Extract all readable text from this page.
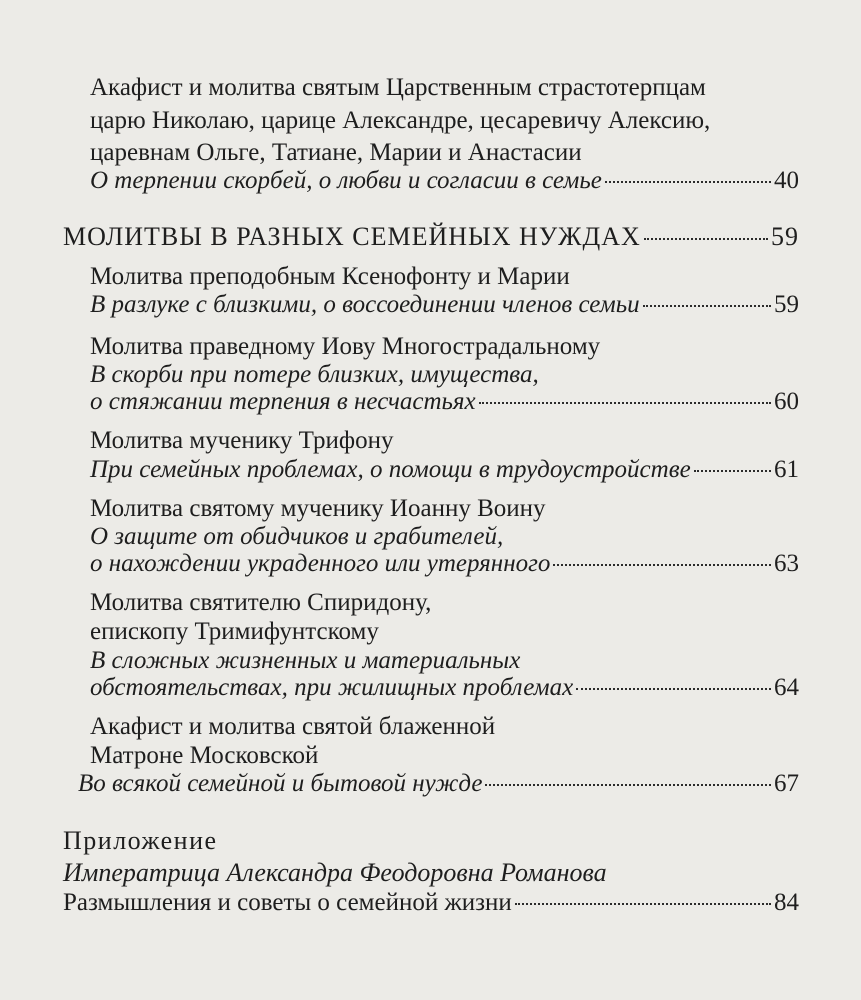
Акафист и молитва святым Царственным страстотерпцам
царю Николаю, царице Александре, цесаревичу Алексию,
царевнам Ольге, Татиане, Марии и Анастасии
О терпении скорбей, о любви и согласии в семье	40
МОЛИТВЫ В РАЗНЫХ СЕМЕЙНЫХ НУЖДАХ	59
Молитва преподобным Ксенофонту и Марии
В разлуке с близкими, о воссоединении членов семьи	59
Молитва праведному Иову Многострадальному
В скорби при потере близких, имущества,
о стяжании терпения в несчастьях	60
Молитва мученику Трифону
При семейных проблемах, о помощи в трудоустройстве	61
Молитва святому мученику Иоанну Воину
О защите от обидчиков и грабителей,
о нахождении украденного или утерянного	63
Молитва святителю Спиридону,
епископу Тримифунтскому
В сложных жизненных и материальных
обстоятельствах, при жилищных проблемах	64
Акафист и молитва святой блаженной
Матроне Московской
Во всякой семейной и бытовой нужде	67
Приложение
Императрица Александра Феодоровна Романова
Размышления и советы о семейной жизни	84
